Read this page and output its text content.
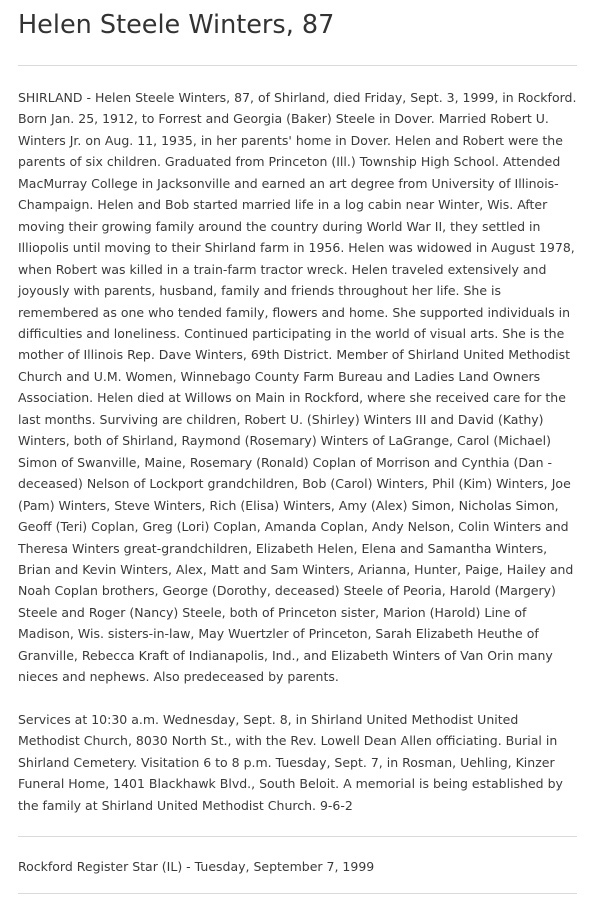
Helen Steele Winters, 87

SHIRLAND - Helen Steele Winters, 87, of Shirland, died Friday, Sept. 3, 1999, in Rockford. Born Jan. 25, 1912, to Forrest and Georgia (Baker) Steele in Dover. Married Robert U. Winters Jr. on Aug. 11, 1935, in her parents' home in Dover. Helen and Robert were the parents of six children. Graduated from Princeton (Ill.) Township High School. Attended MacMurray College in Jacksonville and earned an art degree from University of Illinois-Champaign. Helen and Bob started married life in a log cabin near Winter, Wis. After moving their growing family around the country during World War II, they settled in Illiopolis until moving to their Shirland farm in 1956. Helen was widowed in August 1978, when Robert was killed in a train-farm tractor wreck. Helen traveled extensively and joyously with parents, husband, family and friends throughout her life. She is remembered as one who tended family, flowers and home. She supported individuals in difficulties and loneliness. Continued participating in the world of visual arts. She is the mother of Illinois Rep. Dave Winters, 69th District. Member of Shirland United Methodist Church and U.M. Women, Winnebago County Farm Bureau and Ladies Land Owners Association. Helen died at Willows on Main in Rockford, where she received care for the last months. Surviving are children, Robert U. (Shirley) Winters III and David (Kathy) Winters, both of Shirland, Raymond (Rosemary) Winters of LaGrange, Carol (Michael) Simon of Swanville, Maine, Rosemary (Ronald) Coplan of Morrison and Cynthia (Dan - deceased) Nelson of Lockport grandchildren, Bob (Carol) Winters, Phil (Kim) Winters, Joe (Pam) Winters, Steve Winters, Rich (Elisa) Winters, Amy (Alex) Simon, Nicholas Simon, Geoff (Teri) Coplan, Greg (Lori) Coplan, Amanda Coplan, Andy Nelson, Colin Winters and Theresa Winters great-grandchildren, Elizabeth Helen, Elena and Samantha Winters, Brian and Kevin Winters, Alex, Matt and Sam Winters, Arianna, Hunter, Paige, Hailey and Noah Coplan brothers, George (Dorothy, deceased) Steele of Peoria, Harold (Margery) Steele and Roger (Nancy) Steele, both of Princeton sister, Marion (Harold) Line of Madison, Wis. sisters-in-law, May Wuertzler of Princeton, Sarah Elizabeth Heuthe of Granville, Rebecca Kraft of Indianapolis, Ind., and Elizabeth Winters of Van Orin many nieces and nephews. Also predeceased by parents.

Services at 10:30 a.m. Wednesday, Sept. 8, in Shirland United Methodist United Methodist Church, 8030 North St., with the Rev. Lowell Dean Allen officiating. Burial in Shirland Cemetery. Visitation 6 to 8 p.m. Tuesday, Sept. 7, in Rosman, Uehling, Kinzer Funeral Home, 1401 Blackhawk Blvd., South Beloit. A memorial is being established by the family at Shirland United Methodist Church. 9-6-2

Rockford Register Star (IL) - Tuesday, September 7, 1999
